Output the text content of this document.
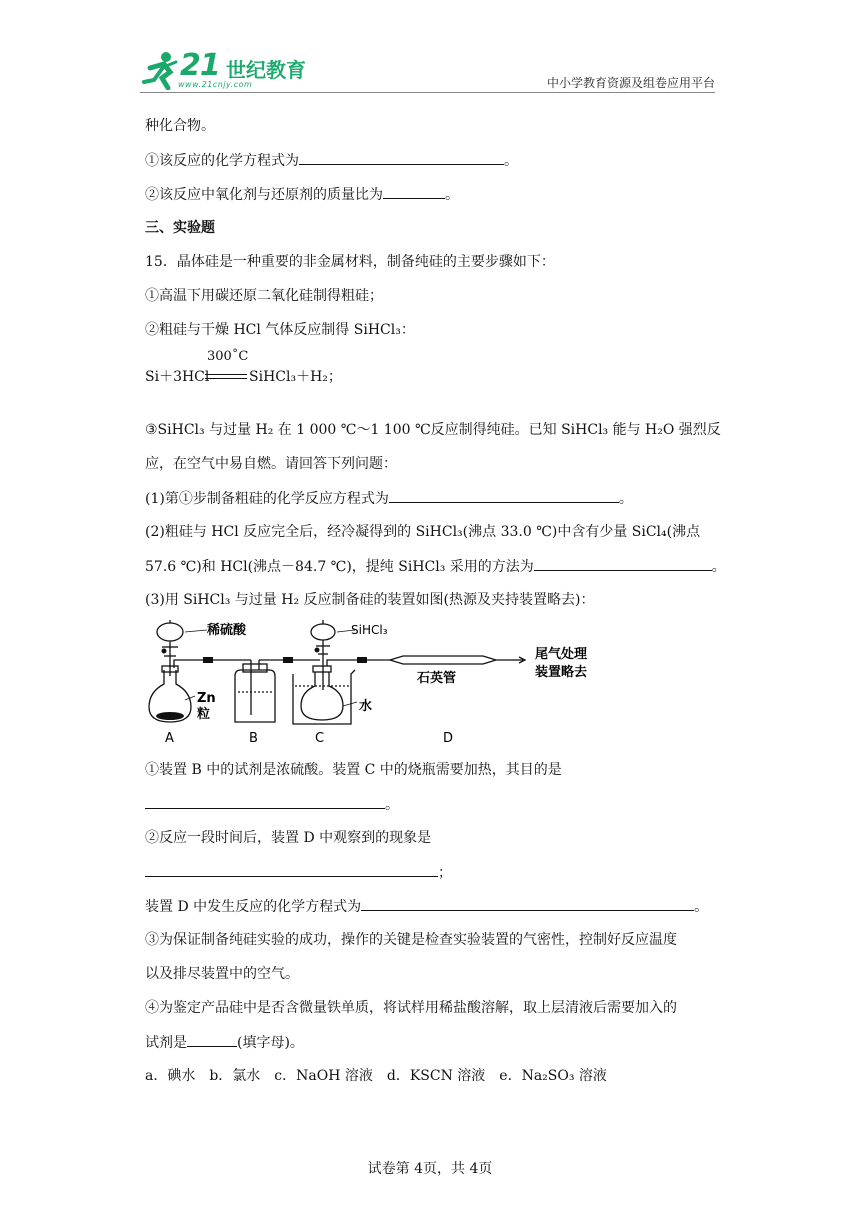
21 世纪教育
www.21cnjy.com	中小学教育资源及组卷应用平台
种化合物。
①该反应的化学方程式为	。
②该反应中氧化剂与还原剂的质量比为	。
三、实验题
15．晶体硅是一种重要的非金属材料，制备纯硅的主要步骤如下：
①高温下用碳还原二氧化硅制得粗硅；
②粗硅与干燥 HCl 气体反应制得 SiHCl₃：
Si＋3HCl
300˚C
SiHCl₃＋H₂；
③SiHCl₃ 与过量 H₂ 在 1 000 ℃～1 100 ℃反应制得纯硅。已知 SiHCl₃ 能与 H₂O 强烈反
应，在空气中易自燃。请回答下列问题：
(1)第①步制备粗硅的化学反应方程式为	。
(2)粗硅与 HCl 反应完全后，经冷凝得到的 SiHCl₃(沸点 33.0 ℃)中含有少量 SiCl₄(沸点
57.6 ℃)和 HCl(沸点－84.7 ℃)，提纯 SiHCl₃ 采用的方法为	。
(3)用 SiHCl₃ 与过量 H₂ 反应制备硅的装置如图(热源及夹持装置略去)：
①装置 B 中的试剂是浓硫酸。装置 C 中的烧瓶需要加热，其目的是
。
②反应一段时间后，装置 D 中观察到的现象是
；
装置 D 中发生反应的化学方程式为	。
③为保证制备纯硅实验的成功，操作的关键是检查实验装置的气密性，控制好反应温度
以及排尽装置中的空气。
④为鉴定产品硅中是否含微量铁单质，将试样用稀盐酸溶解，取上层清液后需要加入的
试剂是	(填字母)。
a．碘水　b．氯水　c．NaOH 溶液　d．KSCN 溶液　e．Na₂SO₃ 溶液
稀硫酸	SiHCl₃
Zn
粒
水
石英管
尾气处理
装置略去
A	B	C	D
试卷第 4页，共 4页
